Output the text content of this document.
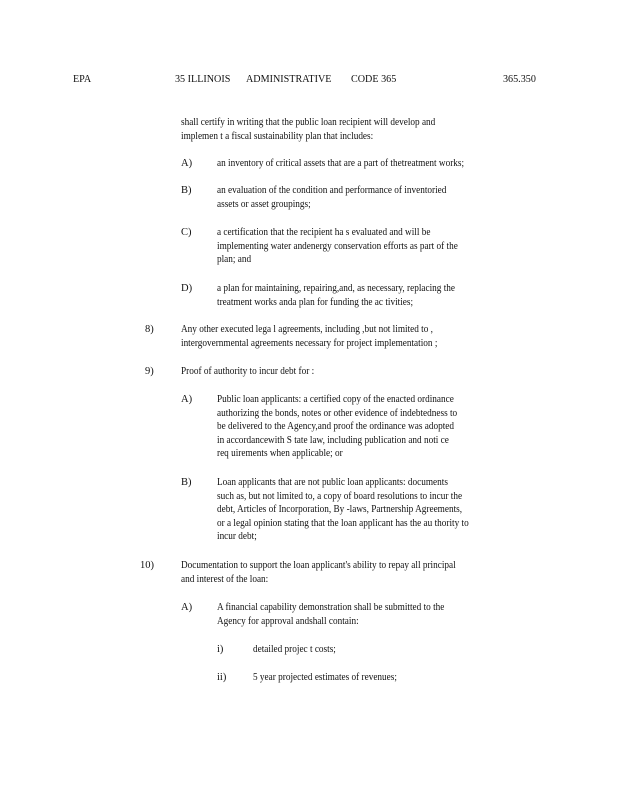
EPA	35 ILLINOIS ADMINISTRATIVE CODE 365	365.350
shall certify in writing that the public loan recipient will develop and
implemen t a fiscal sustainability plan that includes:
A) an inventory of critical assets that are a part of thetreatment works;
B) an evaluation of the condition and performance of inventoried
assets or asset groupings;
C) a certification that the recipient ha s evaluated and will be
implementing water andenergy conservation efforts as part of the
plan; and
D) a plan for maintaining, repairing,and, as necessary, replacing the
treatment works anda plan for funding the ac tivities;
8)	Any other executed lega l agreements, including ,but not limited to ,
intergovernmental agreements necessary for project implementation ;
9)	Proof of authority to incur debt for :
A) Public loan applicants: a certified copy of the enacted ordinance
authorizing the bonds, notes or other evidence of indebtedness to
be delivered to the Agency,and proof the ordinance was adopted
in accordancewith S tate law, including publication and noti ce
req uirements when applicable; or
B) Loan applicants that are not public loan applicants: documents
such as, but not limited to, a copy of board resolutions to incur the
debt, Articles of Incorporation, By -laws, Partnership Agreements,
or a legal opinion stating that the loan applicant has the au thority to
incur debt;
10)	Documentation to support the loan applicant's ability to repay all principal
and interest of the loan:
A) A financial capability demonstration shall be submitted to the
Agency for approval andshall contain:
i)	detailed projec t costs;
ii)	5 year projected estimates of revenues;
